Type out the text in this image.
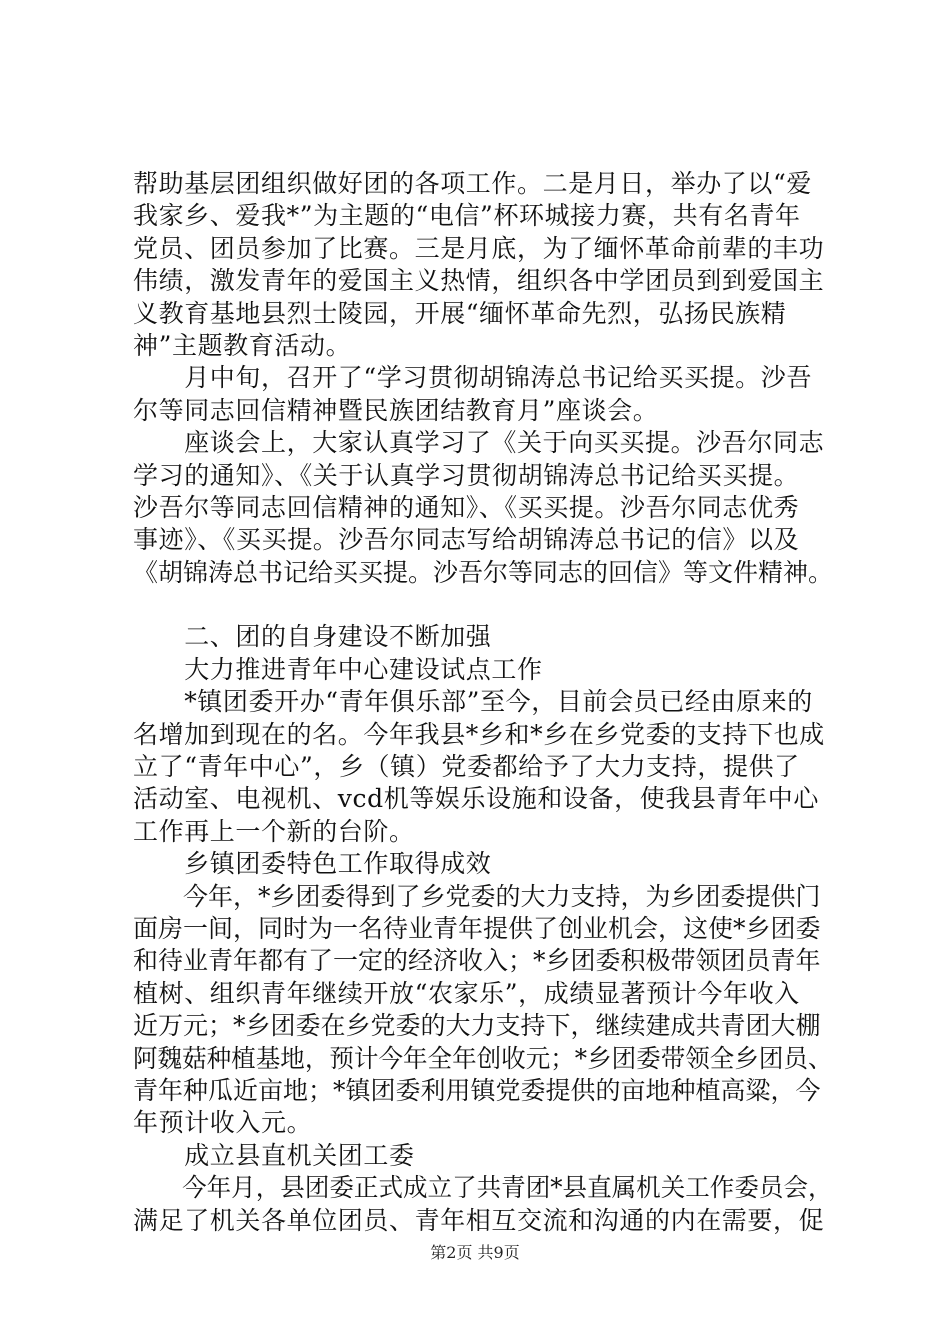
帮助基层团组织做好团的各项工作。二是月日，举办了以“爱
我家乡、爱我*”为主题的“电信”杯环城接力赛，共有名青年
党员、团员参加了比赛。三是月底，为了缅怀革命前辈的丰功
伟绩，激发青年的爱国主义热情，组织各中学团员到到爱国主
义教育基地县烈士陵园，开展“缅怀革命先烈，弘扬民族精
神”主题教育活动。
　　月中旬，召开了“学习贯彻胡锦涛总书记给买买提。沙吾
尔等同志回信精神暨民族团结教育月”座谈会。
　　座谈会上，大家认真学习了《关于向买买提。沙吾尔同志
学习的通知》、《关于认真学习贯彻胡锦涛总书记给买买提。
沙吾尔等同志回信精神的通知》、《买买提。沙吾尔同志优秀
事迹》、《买买提。沙吾尔同志写给胡锦涛总书记的信》以及
《胡锦涛总书记给买买提。沙吾尔等同志的回信》等文件精神。
　　二、团的自身建设不断加强
　　大力推进青年中心建设试点工作
　　*镇团委开办“青年俱乐部”至今，目前会员已经由原来的
名增加到现在的名。今年我县*乡和*乡在乡党委的支持下也成
立了“青年中心”，乡（镇）党委都给予了大力支持，提供了
活动室、电视机、vcd机等娱乐设施和设备，使我县青年中心
工作再上一个新的台阶。
　　乡镇团委特色工作取得成效
　　今年，*乡团委得到了乡党委的大力支持，为乡团委提供门
面房一间，同时为一名待业青年提供了创业机会，这使*乡团委
和待业青年都有了一定的经济收入；*乡团委积极带领团员青年
植树、组织青年继续开放“农家乐”，成绩显著预计今年收入
近万元；*乡团委在乡党委的大力支持下，继续建成共青团大棚
阿魏菇种植基地，预计今年全年创收元；*乡团委带领全乡团员、
青年种瓜近亩地；*镇团委利用镇党委提供的亩地种植高粱，今
年预计收入元。
　　成立县直机关团工委
　　今年月，县团委正式成立了共青团*县直属机关工作委员会，
满足了机关各单位团员、青年相互交流和沟通的内在需要，促
第2页 共9页
